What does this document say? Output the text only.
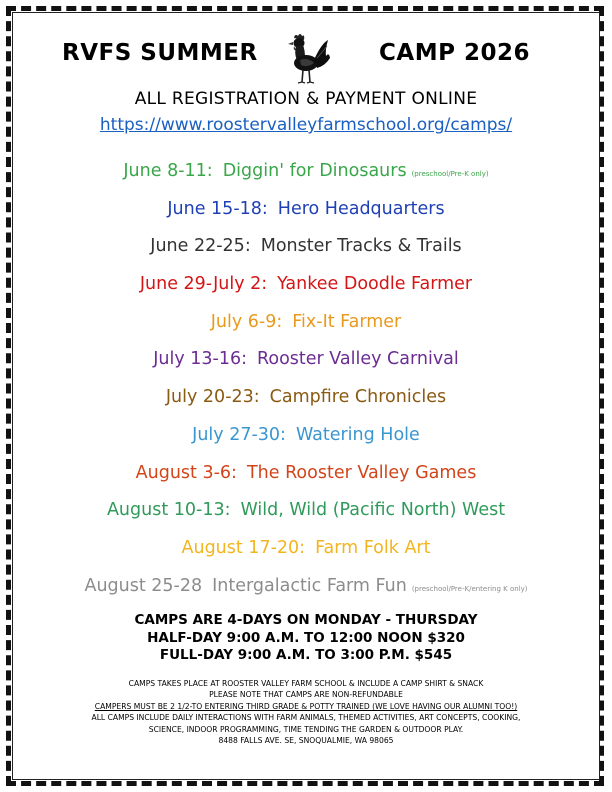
RVFS SUMMER	CAMP 2026
ALL REGISTRATION & PAYMENT ONLINE
https://www.roostervalleyfarmschool.org/camps/
June 8-11: Diggin' for Dinosaurs (preschool/Pre-K only)
June 15-18: Hero Headquarters
June 22-25: Monster Tracks & Trails
June 29-July 2: Yankee Doodle Farmer
July 6-9: Fix-It Farmer
July 13-16: Rooster Valley Carnival
July 20-23: Campfire Chronicles
July 27-30: Watering Hole
August 3-6: The Rooster Valley Games
August 10-13: Wild, Wild (Pacific North) West
August 17-20: Farm Folk Art
August 25-28 Intergalactic Farm Fun (preschool/Pre-K/entering K only)
CAMPS ARE 4-DAYS ON MONDAY - THURSDAY
HALF-DAY 9:00 A.M. TO 12:00 NOON $320
FULL-DAY 9:00 A.M. TO 3:00 P.M. $545
CAMPS TAKES PLACE AT ROOSTER VALLEY FARM SCHOOL & INCLUDE A CAMP SHIRT & SNACK
PLEASE NOTE THAT CAMPS ARE NON-REFUNDABLE
CAMPERS MUST BE 2 1/2-TO ENTERING THIRD GRADE & POTTY TRAINED (WE LOVE HAVING OUR ALUMNI TOO!)
ALL CAMPS INCLUDE DAILY INTERACTIONS WITH FARM ANIMALS, THEMED ACTIVITIES, ART CONCEPTS, COOKING,
SCIENCE, INDOOR PROGRAMMING, TIME TENDING THE GARDEN & OUTDOOR PLAY.
8488 FALLS AVE. SE, SNOQUALMIE, WA 98065
